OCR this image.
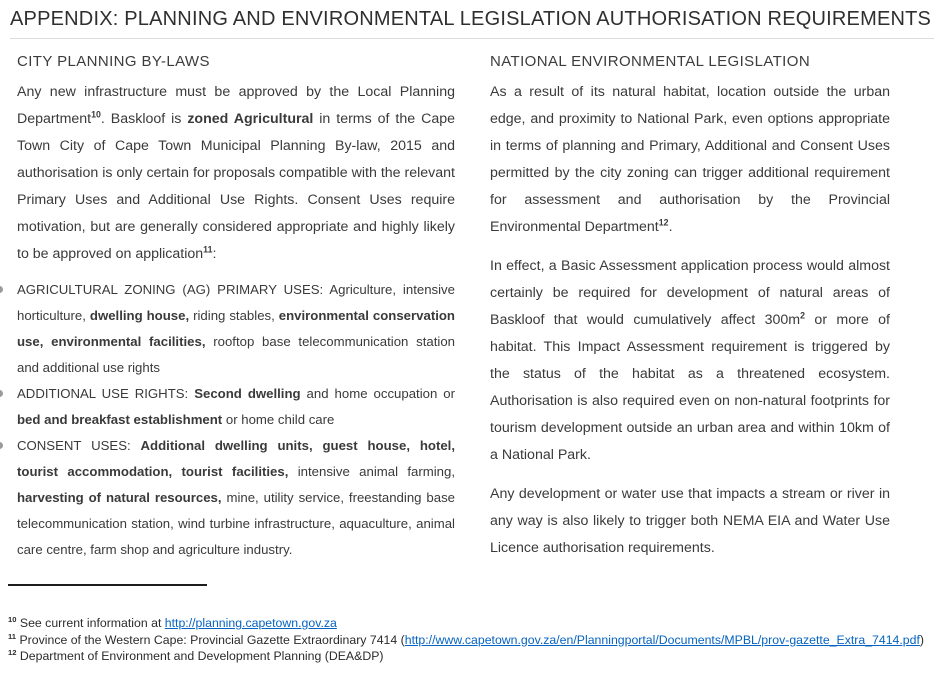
APPENDIX: PLANNING AND ENVIRONMENTAL LEGISLATION AUTHORISATION REQUIREMENTS
CITY PLANNING BY-LAWS

Any new infrastructure must be approved by the Local Planning Department$^{10}$. Baskloof is zoned Agricultural in terms of the Cape Town City of Cape Town Municipal Planning By-law, 2015 and authorisation is only certain for proposals compatible with the relevant Primary Uses and Additional Use Rights. Consent Uses require motivation, but are generally considered appropriate and highly likely to be approved on application$^{11}$:

AGRICULTURAL ZONING (AG) PRIMARY USES: Agriculture, intensive horticulture, dwelling house, riding stables, environmental conservation use, environmental facilities, rooftop base telecommunication station and additional use rights
ADDITIONAL USE RIGHTS: Second dwelling and home occupation or bed and breakfast establishment or home child care
CONSENT USES: Additional dwelling units, guest house, hotel, tourist accommodation, tourist facilities, intensive animal farming, harvesting of natural resources, mine, utility service, freestanding base telecommunication station, wind turbine infrastructure, aquaculture, animal care centre, farm shop and agriculture industry.
NATIONAL ENVIRONMENTAL LEGISLATION

As a result of its natural habitat, location outside the urban edge, and proximity to National Park, even options appropriate in terms of planning and Primary, Additional and Consent Uses permitted by the city zoning can trigger additional requirement for assessment and authorisation by the Provincial Environmental Department$^{12}$.

In effect, a Basic Assessment application process would almost certainly be required for development of natural areas of Baskloof that would cumulatively affect $300m^2$ or more of habitat. This Impact Assessment requirement is triggered by the status of the habitat as a threatened ecosystem. Authorisation is also required even on non-natural footprints for tourism development outside an urban area and within 10km of a National Park.

Any development or water use that impacts a stream or river in any way is also likely to trigger both NEMA EIA and Water Use Licence authorisation requirements.

$^{10}$ See current information at http://planning.capetown.gov.za
$^{11}$ Province of the Western Cape: Provincial Gazette Extraordinary 7414 (http://www.capetown.gov.za/en/Planningportal/Documents/MPBL/prov-gazette_Extra_7414.pdf)
$^{12}$ Department of Environment and Development Planning (DEA&DP)
